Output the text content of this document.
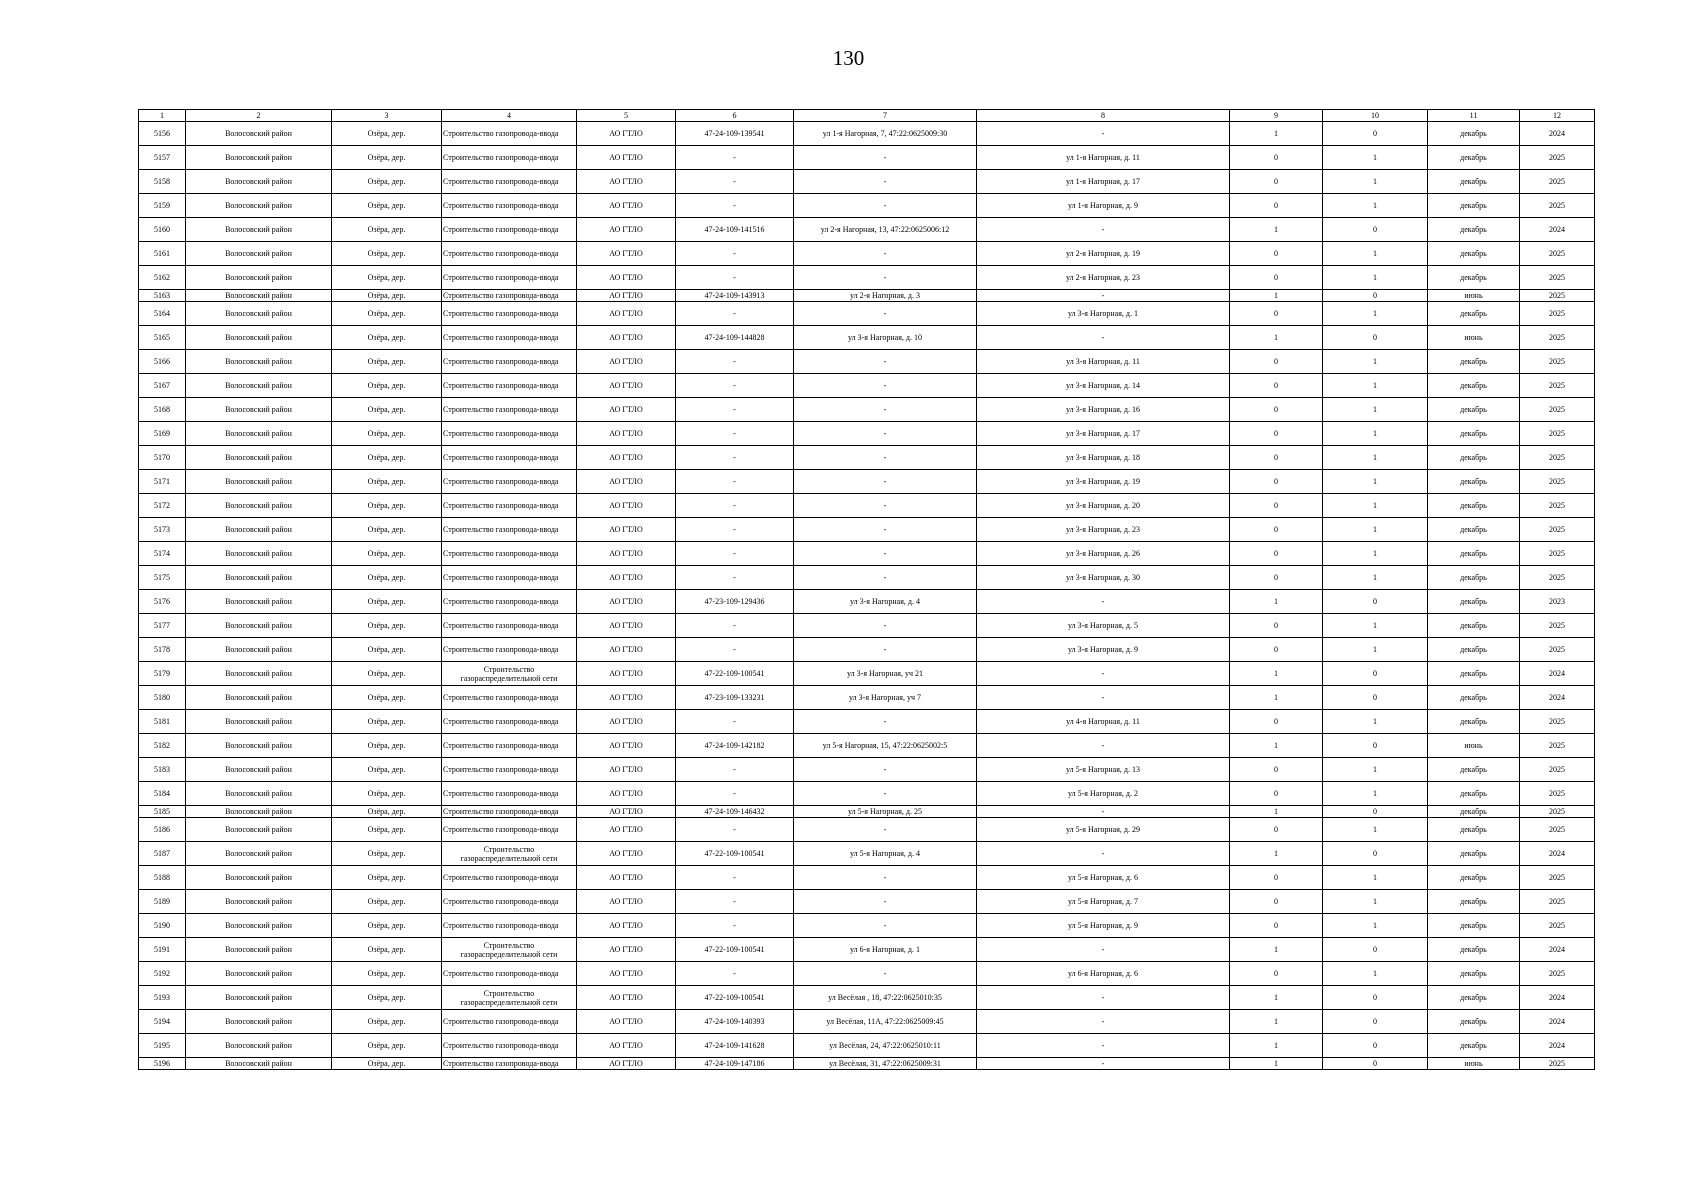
130
1	2	3	4	5	6	7	8	9	10	11	12
5156	Волосовский район	Озёра, дер.	Строительство газопровода-ввода	АО ГТЛО	47-24-109-139541	ул 1-я Нагорная, 7, 47:22:0625009:30	-	1	0	декабрь	2024
5157	Волосовский район	Озёра, дер.	Строительство газопровода-ввода	АО ГТЛО	-	-	ул 1-я Нагорная, д. 11	0	1	декабрь	2025
5158	Волосовский район	Озёра, дер.	Строительство газопровода-ввода	АО ГТЛО	-	-	ул 1-я Нагорная, д. 17	0	1	декабрь	2025
5159	Волосовский район	Озёра, дер.	Строительство газопровода-ввода	АО ГТЛО	-	-	ул 1-я Нагорная, д. 9	0	1	декабрь	2025
5160	Волосовский район	Озёра, дер.	Строительство газопровода-ввода	АО ГТЛО	47-24-109-141516	ул 2-я Нагорная, 13, 47:22:0625006:12	-	1	0	декабрь	2024
5161	Волосовский район	Озёра, дер.	Строительство газопровода-ввода	АО ГТЛО	-	-	ул 2-я Нагорная, д. 19	0	1	декабрь	2025
5162	Волосовский район	Озёра, дер.	Строительство газопровода-ввода	АО ГТЛО	-	-	ул 2-я Нагорная, д. 23	0	1	декабрь	2025
5163	Волосовский район	Озёра, дер.	Строительство газопровода-ввода	АО ГТЛО	47-24-109-143913	ул 2-я Нагорная, д. 3	-	1	0	июнь	2025
5164	Волосовский район	Озёра, дер.	Строительство газопровода-ввода	АО ГТЛО	-	-	ул 3-я Нагорная, д. 1	0	1	декабрь	2025
5165	Волосовский район	Озёра, дер.	Строительство газопровода-ввода	АО ГТЛО	47-24-109-144828	ул 3-я Нагорная, д. 10	-	1	0	июнь	2025
5166	Волосовский район	Озёра, дер.	Строительство газопровода-ввода	АО ГТЛО	-	-	ул 3-я Нагорная, д. 11	0	1	декабрь	2025
5167	Волосовский район	Озёра, дер.	Строительство газопровода-ввода	АО ГТЛО	-	-	ул 3-я Нагорная, д. 14	0	1	декабрь	2025
5168	Волосовский район	Озёра, дер.	Строительство газопровода-ввода	АО ГТЛО	-	-	ул 3-я Нагорная, д. 16	0	1	декабрь	2025
5169	Волосовский район	Озёра, дер.	Строительство газопровода-ввода	АО ГТЛО	-	-	ул 3-я Нагорная, д. 17	0	1	декабрь	2025
5170	Волосовский район	Озёра, дер.	Строительство газопровода-ввода	АО ГТЛО	-	-	ул 3-я Нагорная, д. 18	0	1	декабрь	2025
5171	Волосовский район	Озёра, дер.	Строительство газопровода-ввода	АО ГТЛО	-	-	ул 3-я Нагорная, д. 19	0	1	декабрь	2025
5172	Волосовский район	Озёра, дер.	Строительство газопровода-ввода	АО ГТЛО	-	-	ул 3-я Нагорная, д. 20	0	1	декабрь	2025
5173	Волосовский район	Озёра, дер.	Строительство газопровода-ввода	АО ГТЛО	-	-	ул 3-я Нагорная, д. 23	0	1	декабрь	2025
5174	Волосовский район	Озёра, дер.	Строительство газопровода-ввода	АО ГТЛО	-	-	ул 3-я Нагорная, д. 26	0	1	декабрь	2025
5175	Волосовский район	Озёра, дер.	Строительство газопровода-ввода	АО ГТЛО	-	-	ул 3-я Нагорная, д. 30	0	1	декабрь	2025
5176	Волосовский район	Озёра, дер.	Строительство газопровода-ввода	АО ГТЛО	47-23-109-129436	ул 3-я Нагорная, д. 4	-	1	0	декабрь	2023
5177	Волосовский район	Озёра, дер.	Строительство газопровода-ввода	АО ГТЛО	-	-	ул 3-я Нагорная, д. 5	0	1	декабрь	2025
5178	Волосовский район	Озёра, дер.	Строительство газопровода-ввода	АО ГТЛО	-	-	ул 3-я Нагорная, д. 9	0	1	декабрь	2025
5179	Волосовский район	Озёра, дер.	Строительство газораспределительной сети	АО ГТЛО	47-22-109-100541	ул 3-я Нагорная, уч 21	-	1	0	декабрь	2024
5180	Волосовский район	Озёра, дер.	Строительство газопровода-ввода	АО ГТЛО	47-23-109-133231	ул 3-я Нагорная, уч 7	-	1	0	декабрь	2024
5181	Волосовский район	Озёра, дер.	Строительство газопровода-ввода	АО ГТЛО	-	-	ул 4-я Нагорная, д. 11	0	1	декабрь	2025
5182	Волосовский район	Озёра, дер.	Строительство газопровода-ввода	АО ГТЛО	47-24-109-142182	ул 5-я Нагорная, 15, 47:22:0625002:5	-	1	0	июнь	2025
5183	Волосовский район	Озёра, дер.	Строительство газопровода-ввода	АО ГТЛО	-	-	ул 5-я Нагорная, д. 13	0	1	декабрь	2025
5184	Волосовский район	Озёра, дер.	Строительство газопровода-ввода	АО ГТЛО	-	-	ул 5-я Нагорная, д. 2	0	1	декабрь	2025
5185	Волосовский район	Озёра, дер.	Строительство газопровода-ввода	АО ГТЛО	47-24-109-146432	ул 5-я Нагорная, д. 25	-	1	0	декабрь	2025
5186	Волосовский район	Озёра, дер.	Строительство газопровода-ввода	АО ГТЛО	-	-	ул 5-я Нагорная, д. 29	0	1	декабрь	2025
5187	Волосовский район	Озёра, дер.	Строительство газораспределительной сети	АО ГТЛО	47-22-109-100541	ул 5-я Нагорная, д. 4	-	1	0	декабрь	2024
5188	Волосовский район	Озёра, дер.	Строительство газопровода-ввода	АО ГТЛО	-	-	ул 5-я Нагорная, д. 6	0	1	декабрь	2025
5189	Волосовский район	Озёра, дер.	Строительство газопровода-ввода	АО ГТЛО	-	-	ул 5-я Нагорная, д. 7	0	1	декабрь	2025
5190	Волосовский район	Озёра, дер.	Строительство газопровода-ввода	АО ГТЛО	-	-	ул 5-я Нагорная, д. 9	0	1	декабрь	2025
5191	Волосовский район	Озёра, дер.	Строительство газораспределительной сети	АО ГТЛО	47-22-109-100541	ул 6-я Нагорная, д. 1	-	1	0	декабрь	2024
5192	Волосовский район	Озёра, дер.	Строительство газопровода-ввода	АО ГТЛО	-	-	ул 6-я Нагорная, д. 6	0	1	декабрь	2025
5193	Волосовский район	Озёра, дер.	Строительство газораспределительной сети	АО ГТЛО	47-22-109-100541	ул Весёлая , 18, 47:22:0625010:35	-	1	0	декабрь	2024
5194	Волосовский район	Озёра, дер.	Строительство газопровода-ввода	АО ГТЛО	47-24-109-140393	ул Весёлая, 11А, 47:22:0625009:45	-	1	0	декабрь	2024
5195	Волосовский район	Озёра, дер.	Строительство газопровода-ввода	АО ГТЛО	47-24-109-141628	ул Весёлая, 24, 47:22:0625010:11	-	1	0	декабрь	2024
5196	Волосовский район	Озёра, дер.	Строительство газопровода-ввода	АО ГТЛО	47-24-109-147186	ул Весёлая, 31, 47:22:0625009:31	-	1	0	июнь	2025
